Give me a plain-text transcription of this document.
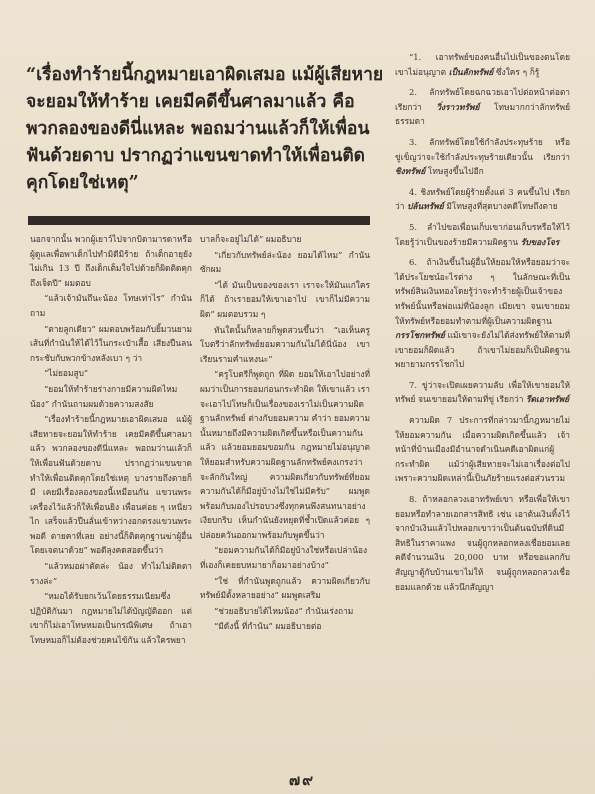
“เรื่องทำร้ายนี้กฎหมายเอาผิดเสมอ แม้ผู้เสียหายจะยอมให้ทำร้าย เคยมีคดีขึ้นศาลมาแล้ว คือพวกลองของดีนี่แหละ พอถมว่านแล้วก็ให้เพื่อนฟันด้วยดาบ ปรากฏว่าแขนขาดทำให้เพื่อนติดคุกโดยใช่เหตุ”

นอกจากนั้น พวกผู้เยาว์ไปจากบิดามารดาหรือผู้ดูแลเพื่อพาเด็กไปทำมิดีมิร้าย ถ้าเด็กอายุยังไม่เกิน 13 ปี ถึงเด็กเต็มใจไปด้วยก็ผิดติดคุกถึงเจ็ดปี” ผมตอบ

“แล้วเจ้ามันถึนะน้อง โทษเท่าไร” กำนันถาม

“ตายลูกเดียว” ผมตอบพร้อมกับยิ้มวนยามเส้นที่กำนันให้ได้ไว้ในกระเป๋าเสื้อ เสียงปืนลนกระชับกับพวกข้างหลังเบา ๆ ว่า

“ไม่ยอมสูบ”

“ยอมให้ทำร้ายร่างกายมีความผิดไหมน้อง” กำนันถามผมด้วยความสงสัย

“เรื่องทำร้ายนี้กฎหมายเอาผิดเสมอ แม้ผู้เสียหายจะยอมให้ทำร้าย เคยมีคดีขึ้นศาลมาแล้ว พวกลองของดีนี่แหละ พอถมว่านแล้วก็ให้เพื่อนฟันด้วยดาบ ปรากฏว่าแขนขาด ทำให้เพื่อนติดคุกโดยใช่เหตุ บางรายถึงตายก็มี เคยมีเรื่องลองของนี้เหมือนกัน แขวนพระเครื่องไว้แล้วก็ให้เพื่อนยิง เพื่อนค่อย ๆ เหนี่ยวไก เสร็จแล้วปืนลั่นเข้าหว่างอกตรงแขวนพระพอดี ตายคาที่เลย อย่างนี้ก็ติดคุกฐานฆ่าผู้อื่นโดยเจตนาด้วย” พอดีลุงคดสอดขึ้นว่า

“แล้วหมอผ่าตัดล่ะ น้อง ทำไมไม่ติดตารางล่ะ”

“หมอได้รับยกเว้นโดยธรรมเนียมซึ่งปฏิบัติกันมา กฎหมายไม่ได้บัญญัติออก แต่เขาก็ไม่เอาโทษหมอเป็นกรณีพิเศษ ถ้าเอาโทษหมอก็ไม่ต้องช่วยคนไข้กัน แล้วใครพยา

บาลก็จะอยู่ไม่ได้” ผมอธิบาย

“เกี่ยวกับทรัพย์ล่ะน้อง ยอมได้ไหม” กำนันซักผม

“ได้ มันเป็นของของเรา เราจะให้มันแก่ใครก็ได้ ถ้าเรายอมให้เขาเอาไป เขาก็ไม่มีความผิด” ผมตอบรวม ๆ

ทันใดนั้นก็หลายก็พูดสวนขึ้นว่า “เอเห็นครูโบตรีว่าลักทรัพย์ยอมความกันไม่ได้นี่น้อง เขาเรียนรามคำแหงนะ”

“ครูโบตรีก็พูดถูก ที่ผิด ยอมให้เอาไปอย่างที่ผมว่าเป็นการยอมก่อนกระทำผิด ให้เขาแล้ว เราจะเอาไปโทษก็เป็นเรื่องของเราไม่เป็นความผิดฐานลักทรัพย์ ต่างกับยอมความ คำว่า ยอมความ นั้นหมายถึงมีความผิดเกิดขึ้นหรือเป็นความกันแล้ว แล้วยอมยอมขอมกัน กฎหมายไม่อนุญาตให้ยอมสำหรับความผิดฐานลักทรัพย์คงเกรงว่าจะลักกันใหญ่ ความผิดเกี่ยวกับทรัพย์ที่ยอมความกันได้ก็มีอยู่บ้างไม่ใช่ไม่มีครับ” ผมพูดพร้อมกับมองไปรอบวงซึ่งทุกคนพึงสนทนาอย่างเงียบกริบ เห็นกำนันยังหยุดที่ช้ำเปิดแล้วค่อย ๆ ปล่อยควันออกมาพร้อมกับพูดขึ้นว่า

“ยอมความกันได้ก็มีอยู่บ้างใช่หรือเปล่าน้อง ที่เองก็เคยยบหมายาก็อมาอย่างบ้าง”

“ใช่ ที่กำนันพูดถูกแล้ว ความผิดเกี่ยวกับทรัพย์มีตั้งหลายอย่าง” ผมพูดเสริม

“ช่วยอธิบายได้ไหมน้อง” กำนันเร่งถาม

“มีดังนี้ ที่กำนัน” ผมอธิบายต่อ

“1. เอาทรัพย์ของคนอื่นไปเป็นของตนโดยเขาไม่อนุญาต เป็นลักทรัพย์ ซึ่งใคร ๆ ก็รู้

2. ลักทรัพย์โดยฉกฉวยเอาไปต่อหน้าต่อตาเรียกว่า วิ่งราวทรัพย์ โทษมากกว่าลักทรัพย์ธรรมดา

3. ลักทรัพย์โดยใช้กำลังประทุษร้าย หรือขู่เข็ญว่าจะใช้กำลังประทุษร้ายเดียวนั้น เรียกว่า ชิงทรัพย์ โทษสูงขึ้นไปอีก

4. ชิงทรัพย์โดยผู้ร้ายตั้งแต่ 3 คนขึ้นไป เรียกว่า ปล้นทรัพย์ มีโทษสูงที่สุดบางคดีโทษถึงตาย

5. ลำไปขอเพื่อนเก็บเขาก่อนเก็บรหรือให้ไว้โดยรู้ว่าเป็นของร้ายมีความผิดฐาน รับของโจร

6. ถ้าเงินขึ้นในผู้อื่นให้ยอมให้หรือยอมว่าจะได้ประโยชน์อะไรต่าง ๆ ในลักษณะที่เป็นทรัพย์สินเงินทองโดยรู้ว่าจะทำร้ายผู้เป็นเจ้าของทรัพย์นั้นหรือพ่อแม่ที่น้องลูก เมียเขา จนเขายอมให้ทรัพย์หรือยอมทำตามที่ผู้เป็นความผิดฐานกรรโชกทรัพย์ แม้เขาจะยังไม่ได้ส่งทรัพย์ให้ตามที่เขายอมก็ผิดแล้ว ถ้าเขาไม่ยอมก็เป็นผิดฐานพยายามกรรโชกไป

7. ขู่ว่าจะเปิดเผยความลับ เพื่อให้เขายอมให้ทรัพย์ จนเขายอมให้ตามที่ขู่ เรียกว่า รีดเอาทรัพย์

ความผิด 7 ประการที่กล่าวมานี้กฎหมายไม่ให้ยอมความกัน เมื่อความผิดเกิดขึ้นแล้ว เจ้าหน้าที่บ้านเมืองมีอำนาจดำเนินคดีเอาผิดแก่ผู้กระทำผิด แม้ว่าผู้เสียหายจะไม่เอาเรื่องต่อไป เพราะความผิดเหล่านี้เป็นภัยร้ายแรงต่อส่วนรวม

8. ถ้าหลอกลวงเอาทรัพย์เขา หรือเพื่อให้เขายอมหรือทำลายเอกสารสิทธิ เช่น เอาต้นเงินทิ้งไว้ จากบัวเงินแล้วไปหลอกเขาว่าเป็นต้นฉบับที่ดินมีสิทธิในราคาแพง จนผู้ถูกหลอกหลงเชื่อยอมเลยคดีจำนวนเงิน 20,000 บาท หรือขอแลกกับสัญญาตู้กับบ้านเขาไม่ให้ จนผู้ถูกหลอกลวงเชื่อยอมแลกด้วย แล้วนึกสัญญา

๗๙
